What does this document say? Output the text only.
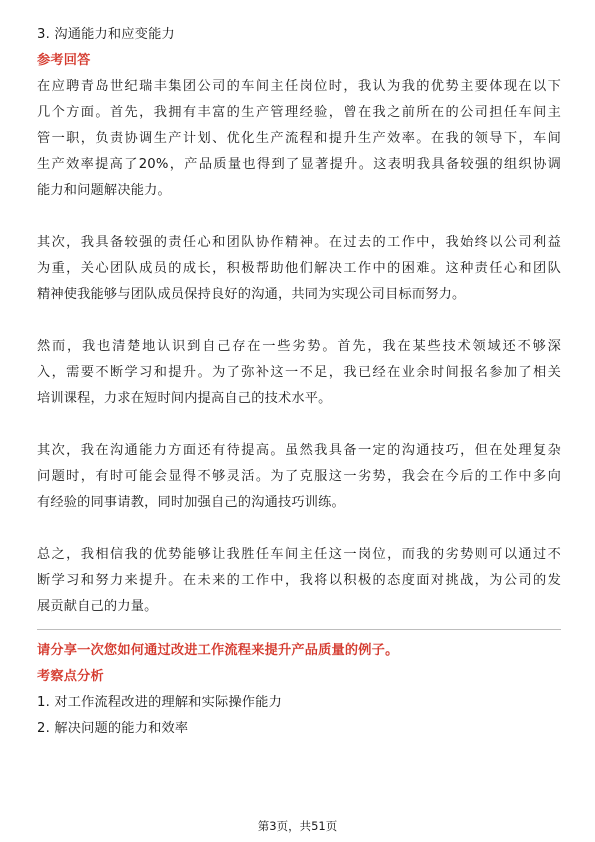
3. 沟通能力和应变能力
参考回答
在应聘青岛世纪瑞丰集团公司的车间主任岗位时，我认为我的优势主要体现在以下
几个方面。首先，我拥有丰富的生产管理经验，曾在我之前所在的公司担任车间主
管一职，负责协调生产计划、优化生产流程和提升生产效率。在我的领导下，车间
生产效率提高了20%，产品质量也得到了显著提升。这表明我具备较强的组织协调
能力和问题解决能力。
其次，我具备较强的责任心和团队协作精神。在过去的工作中，我始终以公司利益
为重，关心团队成员的成长，积极帮助他们解决工作中的困难。这种责任心和团队
精神使我能够与团队成员保持良好的沟通，共同为实现公司目标而努力。
然而，我也清楚地认识到自己存在一些劣势。首先，我在某些技术领域还不够深
入，需要不断学习和提升。为了弥补这一不足，我已经在业余时间报名参加了相关
培训课程，力求在短时间内提高自己的技术水平。
其次，我在沟通能力方面还有待提高。虽然我具备一定的沟通技巧，但在处理复杂
问题时，有时可能会显得不够灵活。为了克服这一劣势，我会在今后的工作中多向
有经验的同事请教，同时加强自己的沟通技巧训练。
总之，我相信我的优势能够让我胜任车间主任这一岗位，而我的劣势则可以通过不
断学习和努力来提升。在未来的工作中，我将以积极的态度面对挑战，为公司的发
展贡献自己的力量。
请分享一次您如何通过改进工作流程来提升产品质量的例子。
考察点分析
1. 对工作流程改进的理解和实际操作能力
2. 解决问题的能力和效率
第3页，共51页
